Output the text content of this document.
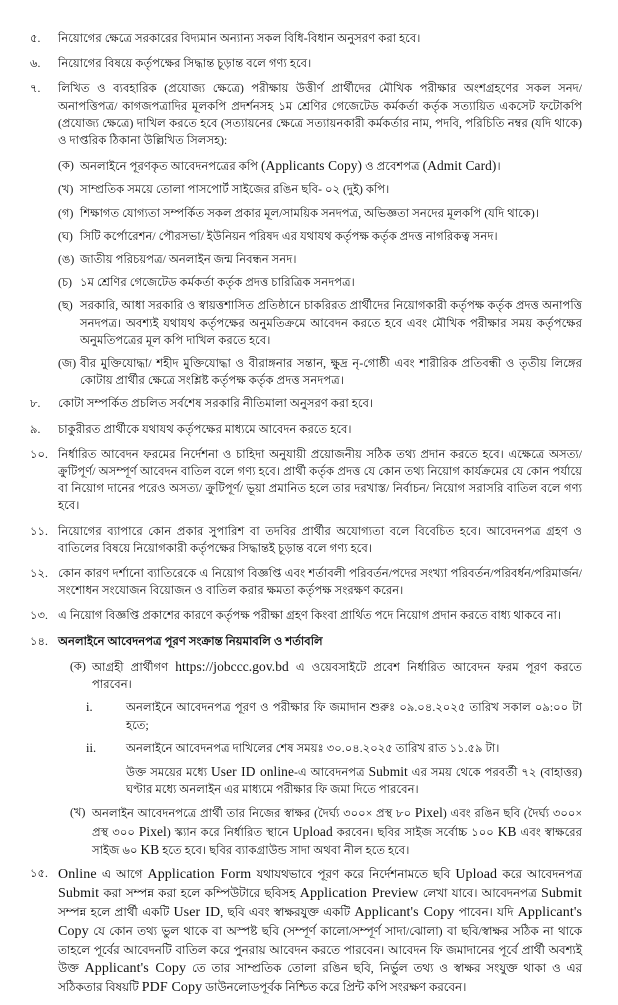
৫.	নিয়োগের ক্ষেত্রে সরকারের বিদ্যমান অন্যান্য সকল বিধি-বিধান অনুসরণ করা হবে।
৬.	নিয়োগের বিষয়ে কর্তৃপক্ষের সিদ্ধান্ত চূড়ান্ত বলে গণ্য হবে।
৭.	লিখিত ও ব্যবহারিক (প্রযোজ্য ক্ষেত্রে) পরীক্ষায় উত্তীর্ণ প্রার্থীদের মৌখিক পরীক্ষার অংশগ্রহণের সকল সনদ/অনাপত্তিপত্র/ কাগজপত্রাদির মূলকপি প্রদর্শনসহ ১ম শ্রেণির গেজেটেড কর্মকর্তা কর্তৃক সত্যায়িত একসেট ফটোকপি (প্রযোজ্য ক্ষেত্রে) দাখিল করতে হবে (সত্যায়নের ক্ষেত্রে সত্যায়নকারী কর্মকর্তার নাম, পদবি, পরিচিতি নম্বর (যদি থাকে) ও দাপ্তরিক ঠিকানা উল্লিখিত সিলসহ):
(ক) অনলাইনে পূরণকৃত আবেদনপত্রের কপি (Applicants Copy) ও প্রবেশপত্র (Admit Card)।
(খ) সাম্প্রতিক সময়ে তোলা পাসপোর্ট সাইজের রঙিন ছবি- ০২ (দুই) কপি।
(গ) শিক্ষাগত যোগ্যতা সম্পর্কিত সকল প্রকার মূল/সাময়িক সনদপত্র, অভিজ্ঞতা সনদের মূলকপি (যদি থাকে)।
(ঘ) সিটি কর্পোরেশন/ পৌরসভা/ ইউনিয়ন পরিষদ এর যথাযথ কর্তৃপক্ষ কর্তৃক প্রদত্ত নাগরিকত্ব সনদ।
(ঙ) জাতীয় পরিচয়পত্র/ অনলাইন জন্ম নিবন্ধন সনদ।
(চ) ১ম শ্রেণির গেজেটেড কর্মকর্তা কর্তৃক প্রদত্ত চারিত্রিক সনদপত্র।
(ছ) সরকারি, আধা সরকারি ও স্বায়ত্তশাসিত প্রতিষ্ঠানে চাকরিরত প্রার্থীদের নিয়োগকারী কর্তৃপক্ষ কর্তৃক প্রদত্ত অনাপত্তি সনদপত্র। অবশ্যই যথাযথ কর্তৃপক্ষের অনুমতিক্রমে আবেদন করতে হবে এবং মৌখিক পরীক্ষার সময় কর্তৃপক্ষের অনুমতিপত্রের মূল কপি দাখিল করতে হবে।
(জ) বীর মুক্তিযোদ্ধা/ শহীদ মুক্তিযোদ্ধা ও বীরাঙ্গনার সন্তান, ক্ষুদ্র নৃ-গোষ্ঠী এবং শারীরিক প্রতিবন্ধী ও তৃতীয় লিঙ্গের কোটায় প্রার্থীর ক্ষেত্রে সংশ্লিষ্ট কর্তৃপক্ষ কর্তৃক প্রদত্ত সনদপত্র।
৮.	কোটা সম্পর্কিত প্রচলিত সর্বশেষ সরকারি নীতিমালা অনুসরণ করা হবে।
৯.	চাকুরীরত প্রার্থীকে যথাযথ কর্তৃপক্ষের মাধ্যমে আবেদন করতে হবে।
১০. নির্ধারিত আবেদন ফরমের নির্দেশনা ও চাহিদা অনুযায়ী প্রয়োজনীয় সঠিক তথ্য প্রদান করতে হবে। এক্ষেত্রে অসত্য/ক্রুটিপূর্ণ/ অসম্পূর্ণ আবেদন বাতিল বলে গণ্য হবে। প্রার্থী কর্তৃক প্রদত্ত যে কোন তথ্য নিয়োগ কার্যক্রমের যে কোন পর্যায়ে বা নিয়োগ দানের পরেও অসত্য/ ক্রুটিপূর্ণ/ ভূয়া প্রমানিত হলে তার দরখাস্ত/ নির্বাচন/ নিয়োগ সরাসরি বাতিল বলে গণ্য হবে।
১১. নিয়োগের ব্যাপারে কোন প্রকার সুপারিশ বা তদবির প্রার্থীর অযোগ্যতা বলে বিবেচিত হবে। আবেদনপত্র গ্রহণ ও বাতিলের বিষয়ে নিয়োগকারী কর্তৃপক্ষের সিদ্ধান্তই চূড়ান্ত বলে গণ্য হবে।
১২. কোন কারণ দর্শানো ব্যাতিরেকে এ নিয়োগ বিজ্ঞপ্তি এবং শর্তাবলী পরিবর্তন/পদের সংখ্যা পরিবর্তন/পরিবর্ধন/পরিমার্জন/সংশোধন সংযোজন বিয়োজন ও বাতিল করার ক্ষমতা কর্তৃপক্ষ সংরক্ষণ করেন।
১৩. এ নিয়োগ বিজ্ঞপ্তি প্রকাশের কারণে কর্তৃপক্ষ পরীক্ষা গ্রহণ কিংবা প্রার্থিত পদে নিয়োগ প্রদান করতে বাধ্য থাকবে না।
১৪. অনলাইনে আবেদনপত্র পূরণ সংক্রান্ত নিয়মাবলি ও শর্তাবলি
(ক) আগ্রহী প্রার্থীগণ https://jobccc.gov.bd এ ওয়েবসাইটে প্রবেশ নির্ধারিত আবেদন ফরম পূরণ করতে পারবেন।
i.	অনলাইনে আবেদনপত্র পূরণ ও পরীক্ষার ফি জমাদান শুরুঃ ০৯.০৪.২০২৫ তারিখ সকাল ০৯:০০ টা হতে;
ii.	অনলাইনে আবেদনপত্র দাখিলের শেষ সময়ঃ ৩০.০৪.২০২৫ তারিখ রাত ১১.৫৯ টা।
উক্ত সময়ের মধ্যে User ID online-এ আবেদনপত্র Submit এর সময় থেকে পরবর্তী ৭২ (বাহাত্তর) ঘণ্টার মধ্যে অনলাইন এর মাধ্যমে পরীক্ষার ফি জমা দিতে পারবেন।
(খ) অনলাইন আবেদনপত্রে প্রার্থী তার নিজের স্বাক্ষর (দৈর্ঘ্য ৩০০× প্রস্থ ৮০ Pixel) এবং রঙিন ছবি (দৈর্ঘ্য ৩০০× প্রস্থ ৩০০ Pixel) স্ক্যান করে নির্ধারিত স্থানে Upload করবেন। ছবির সাইজ সর্বোচ্চ ১০০ KB এবং স্বাক্ষরের সাইজ ৬০ KB হতে হবে। ছবির ব্যাকগ্রাউন্ড সাদা অথবা নীল হতে হবে।
১৫. Online এ আগে Application Form যথাযথভাবে পূরণ করে নির্দেশনামতে ছবি Upload করে আবেদনপত্র Submit করা সম্পন্ন করা হলে কম্পিউটারে ছবিসহ Application Preview লেখা যাবে। আবেদনপত্র Submit সম্পন্ন হলে প্রার্থী একটি User ID, ছবি এবং স্বাক্ষরযুক্ত একটি Applicant's Copy পাবেন। যদি Applicant's Copy যে কোন তথ্য ভুল থাকে বা অস্পষ্ট ছবি (সম্পূর্ণ কালো/সম্পূর্ণ সাদা/ঝোলা) বা ছবি/স্বাক্ষর সঠিক না থাকে তাহলে পূর্বের আবেদনটি বাতিল করে পুনরায় আবেদন করতে পারবেন। আবেদন ফি জমাদানের পূর্বে প্রার্থী অবশ্যই উক্ত Applicant's Copy তে তার সাম্প্রতিক তোলা রঙিন ছবি, নির্ভুল তথ্য ও স্বাক্ষর সংযুক্ত থাকা ও এর সঠিকতার বিষয়টি PDF Copy ডাউনলোডপূর্বক নিশ্চিত করে প্রিন্ট কপি সংরক্ষণ করবেন।
